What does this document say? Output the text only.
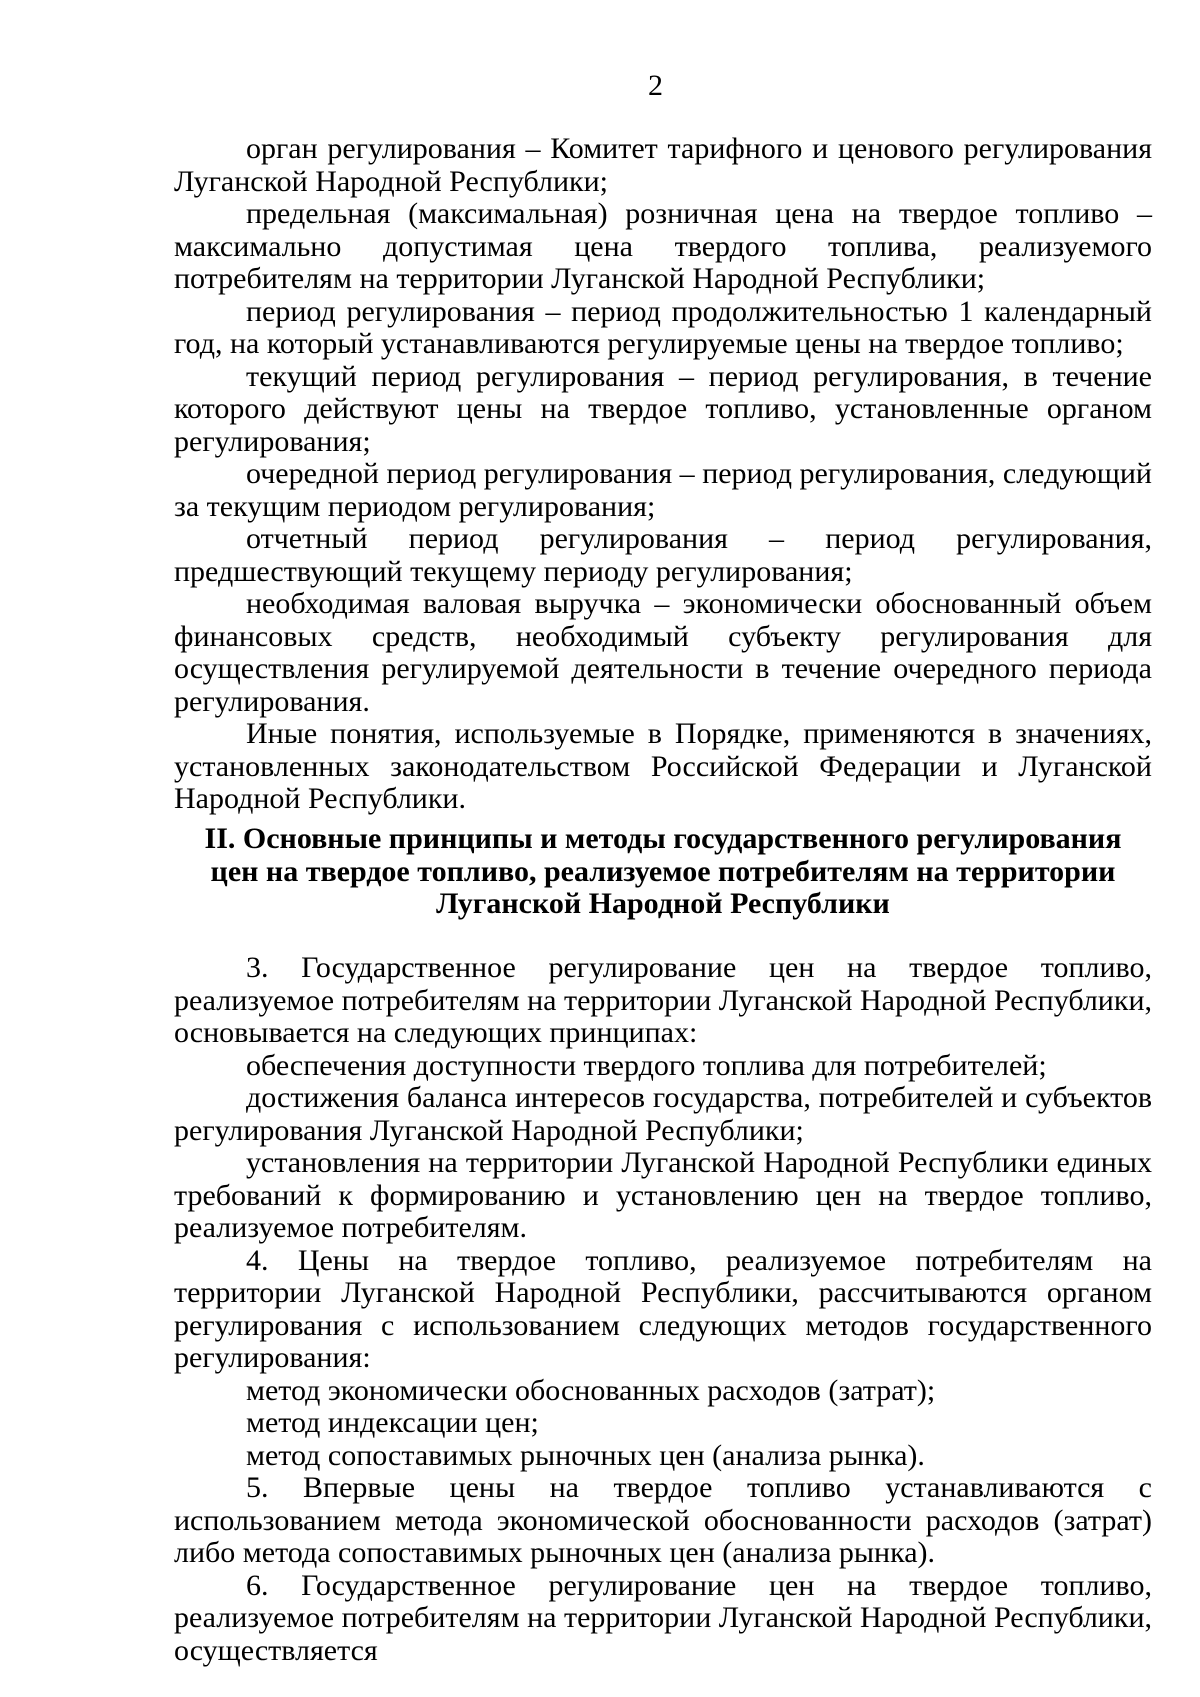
2

орган регулирования – Комитет тарифного и ценового регулирования Луганской Народной Республики;

предельная (максимальная) розничная цена на твердое топливо – максимально допустимая цена твердого топлива, реализуемого потребителям на территории Луганской Народной Республики;

период регулирования – период продолжительностью 1 календарный год, на который устанавливаются регулируемые цены на твердое топливо;

текущий период регулирования – период регулирования, в течение которого действуют цены на твердое топливо, установленные органом регулирования;

очередной период регулирования – период регулирования, следующий за текущим периодом регулирования;

отчетный период регулирования – период регулирования, предшествующий текущему периоду регулирования;

необходимая валовая выручка – экономически обоснованный объем финансовых средств, необходимый субъекту регулирования для осуществления регулируемой деятельности в течение очередного периода регулирования.

Иные понятия, используемые в Порядке, применяются в значениях, установленных законодательством Российской Федерации и Луганской Народной Республики.

II. Основные принципы и методы государственного регулирования
цен на твердое топливо, реализуемое потребителям на территории
Луганской Народной Республики

3. Государственное регулирование цен на твердое топливо, реализуемое потребителям на территории Луганской Народной Республики, основывается на следующих принципах:

обеспечения доступности твердого топлива для потребителей;

достижения баланса интересов государства, потребителей и субъектов регулирования Луганской Народной Республики;

установления на территории Луганской Народной Республики единых требований к формированию и установлению цен на твердое топливо, реализуемое потребителям.

4. Цены на твердое топливо, реализуемое потребителям на территории Луганской Народной Республики, рассчитываются органом регулирования с использованием следующих методов государственного регулирования:

метод экономически обоснованных расходов (затрат);

метод индексации цен;

метод сопоставимых рыночных цен (анализа рынка).

5. Впервые цены на твердое топливо устанавливаются с использованием метода экономической обоснованности расходов (затрат) либо метода сопоставимых рыночных цен (анализа рынка).

6. Государственное регулирование цен на твердое топливо, реализуемое потребителям на территории Луганской Народной Республики, осуществляется
